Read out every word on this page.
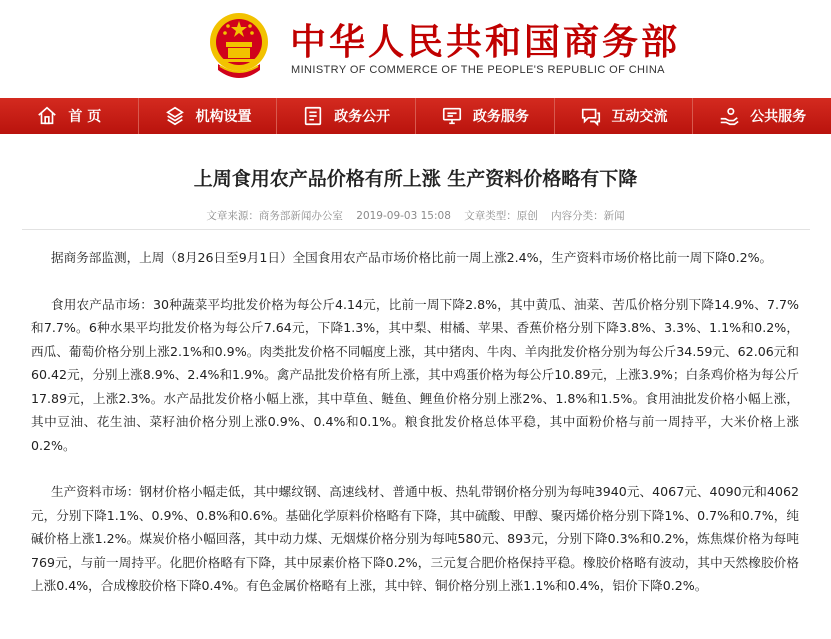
中华人民共和国商务部
MINISTRY OF COMMERCE OF THE PEOPLE'S REPUBLIC OF CHINA
首 页	机构设置	政务公开	政务服务	互动交流	公共服务
上周食用农产品价格有所上涨 生产资料价格略有下降
文章来源：商务部新闻办公室 2019-09-03 15:08 文章类型：原创 内容分类：新闻

据商务部监测，上周（8月26日至9月1日）全国食用农产品市场价格比前一周上涨2.4%，生产资料市场价格比前一周下降0.2%。

食用农产品市场：30种蔬菜平均批发价格为每公斤4.14元，比前一周下降2.8%，其中黄瓜、油菜、苦瓜价格分别下降14.9%、7.7%和7.7%。6种水果平均批发价格为每公斤7.64元，下降1.3%，其中梨、柑橘、苹果、香蕉价格分别下降3.8%、3.3%、1.1%和0.2%，西瓜、葡萄价格分别上涨2.1%和0.9%。肉类批发价格不同幅度上涨，其中猪肉、牛肉、羊肉批发价格分别为每公斤34.59元、62.06元和60.42元，分别上涨8.9%、2.4%和1.9%。禽产品批发价格有所上涨，其中鸡蛋价格为每公斤10.89元，上涨3.9%；白条鸡价格为每公斤17.89元，上涨2.3%。水产品批发价格小幅上涨，其中草鱼、鲢鱼、鲤鱼价格分别上涨2%、1.8%和1.5%。食用油批发价格小幅上涨，其中豆油、花生油、菜籽油价格分别上涨0.9%、0.4%和0.1%。粮食批发价格总体平稳，其中面粉价格与前一周持平，大米价格上涨0.2%。

生产资料市场：钢材价格小幅走低，其中螺纹钢、高速线材、普通中板、热轧带钢价格分别为每吨3940元、4067元、4090元和4062元，分别下降1.1%、0.9%、0.8%和0.6%。基础化学原料价格略有下降，其中硫酸、甲醇、聚丙烯价格分别下降1%、0.7%和0.7%，纯碱价格上涨1.2%。煤炭价格小幅回落，其中动力煤、无烟煤价格分别为每吨580元、893元，分别下降0.3%和0.2%，炼焦煤价格为每吨769元，与前一周持平。化肥价格略有下降，其中尿素价格下降0.2%，三元复合肥价格保持平稳。橡胶价格略有波动，其中天然橡胶价格上涨0.4%，合成橡胶价格下降0.4%。有色金属价格略有上涨，其中锌、铜价格分别上涨1.1%和0.4%，铝价下降0.2%。
